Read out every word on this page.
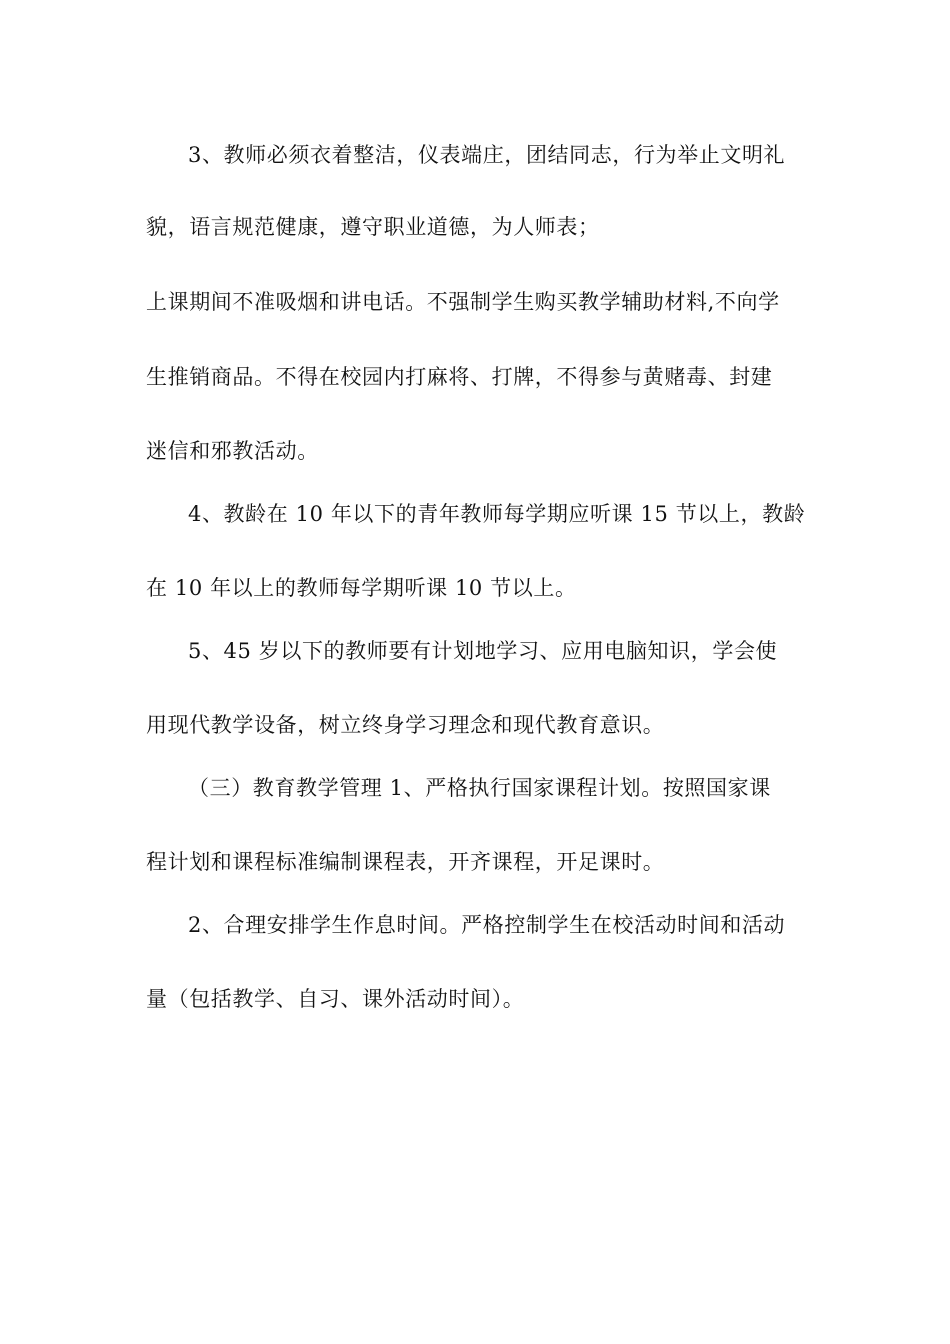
3、教师必须衣着整洁，仪表端庄，团结同志，行为举止文明礼
貌，语言规范健康，遵守职业道德，为人师表；
上课期间不准吸烟和讲电话。不强制学生购买教学辅助材料,不向学
生推销商品。不得在校园内打麻将、打牌，不得参与黄赌毒、封建
迷信和邪教活动。
4、教龄在 10 年以下的青年教师每学期应听课 15 节以上，教龄
在 10 年以上的教师每学期听课 10 节以上。
5、45 岁以下的教师要有计划地学习、应用电脑知识，学会使
用现代教学设备，树立终身学习理念和现代教育意识。
（三）教育教学管理 1、严格执行国家课程计划。按照国家课
程计划和课程标准编制课程表，开齐课程，开足课时。
2、合理安排学生作息时间。严格控制学生在校活动时间和活动
量（包括教学、自习、课外活动时间）。
